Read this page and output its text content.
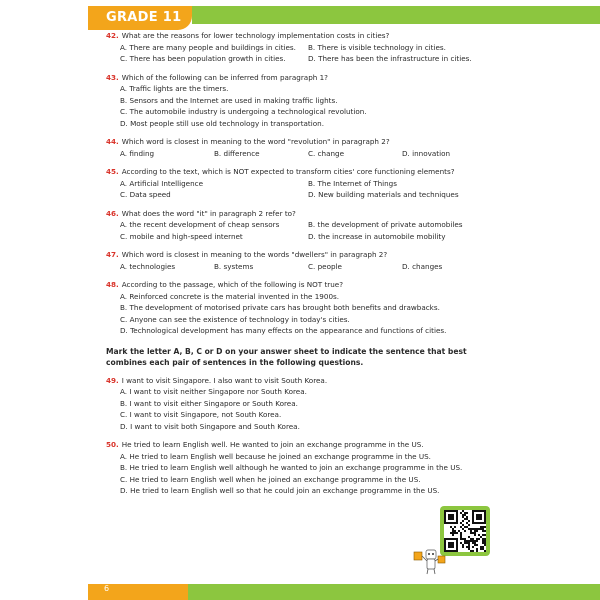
GRADE 11
42. What are the reasons for lower technology implementation costs in cities?
A. There are many people and buildings in cities.	B. There is visible technology in cities.
C. There has been population growth in cities.	D. There has been the infrastructure in cities.
43. Which of the following can be inferred from paragraph 1?
A. Traffic lights are the timers.
B. Sensors and the Internet are used in making traffic lights.
C. The automobile industry is undergoing a technological revolution.
D. Most people still use old technology in transportation.
44. Which word is closest in meaning to the word "revolution" in paragraph 2?
A. finding	B. difference	C. change	D. innovation
45. According to the text, which is NOT expected to transform cities' core functioning elements?
A. Artificial Intelligence	B. The Internet of Things
C. Data speed	D. New building materials and techniques
46. What does the word "it" in paragraph 2 refer to?
A. the recent development of cheap sensors	B. the development of private automobiles
C. mobile and high-speed internet	D. the increase in automobile mobility
47. Which word is closest in meaning to the words "dwellers" in paragraph 2?
A. technologies	B. systems	C. people	D. changes
48. According to the passage, which of the following is NOT true?
A. Reinforced concrete is the material invented in the 1900s.
B. The development of motorised private cars has brought both benefits and drawbacks.
C. Anyone can see the existence of technology in today's cities.
D. Technological development has many effects on the appearance and functions of cities.
Mark the letter A, B, C or D on your answer sheet to indicate the sentence that best combines each pair of sentences in the following questions.
49. I want to visit Singapore. I also want to visit South Korea.
A. I want to visit neither Singapore nor South Korea.
B. I want to visit either Singapore or South Korea.
C. I want to visit Singapore, not South Korea.
D. I want to visit both Singapore and South Korea.
50. He tried to learn English well. He wanted to join an exchange programme in the US.
A. He tried to learn English well because he joined an exchange programme in the US.
B. He tried to learn English well although he wanted to join an exchange programme in the US.
C. He tried to learn English well when he joined an exchange programme in the US.
D. He tried to learn English well so that he could join an exchange programme in the US.
6
